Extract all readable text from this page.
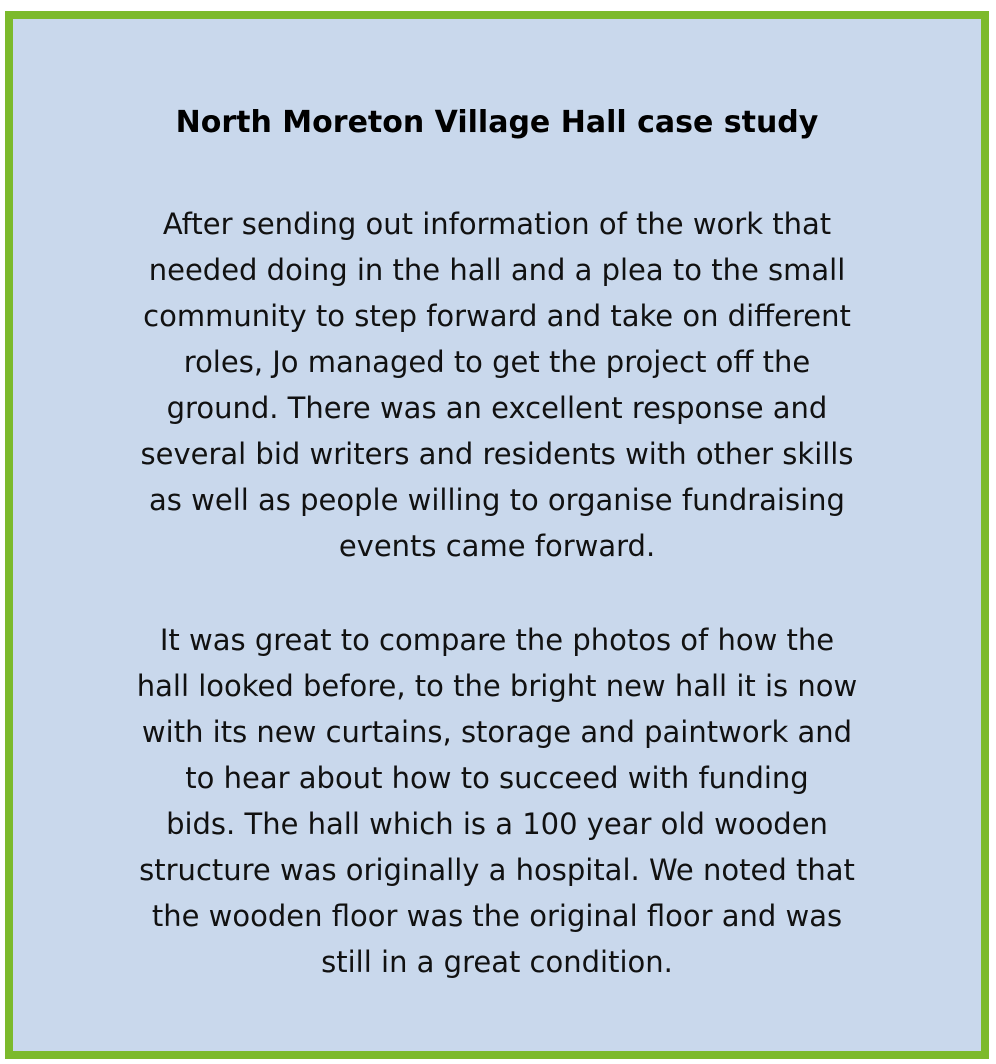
North Moreton Village Hall case study

After sending out information of the work that
needed doing in the hall and a plea to the small
community to step forward and take on different
roles, Jo managed to get the project off the
ground. There was an excellent response and
several bid writers and residents with other skills
as well as people willing to organise fundraising
events came forward.

It was great to compare the photos of how the
hall looked before, to the bright new hall it is now
with its new curtains, storage and paintwork and
to hear about how to succeed with funding
bids. The hall which is a 100 year old wooden
structure was originally a hospital. We noted that
the wooden floor was the original floor and was
still in a great condition.
